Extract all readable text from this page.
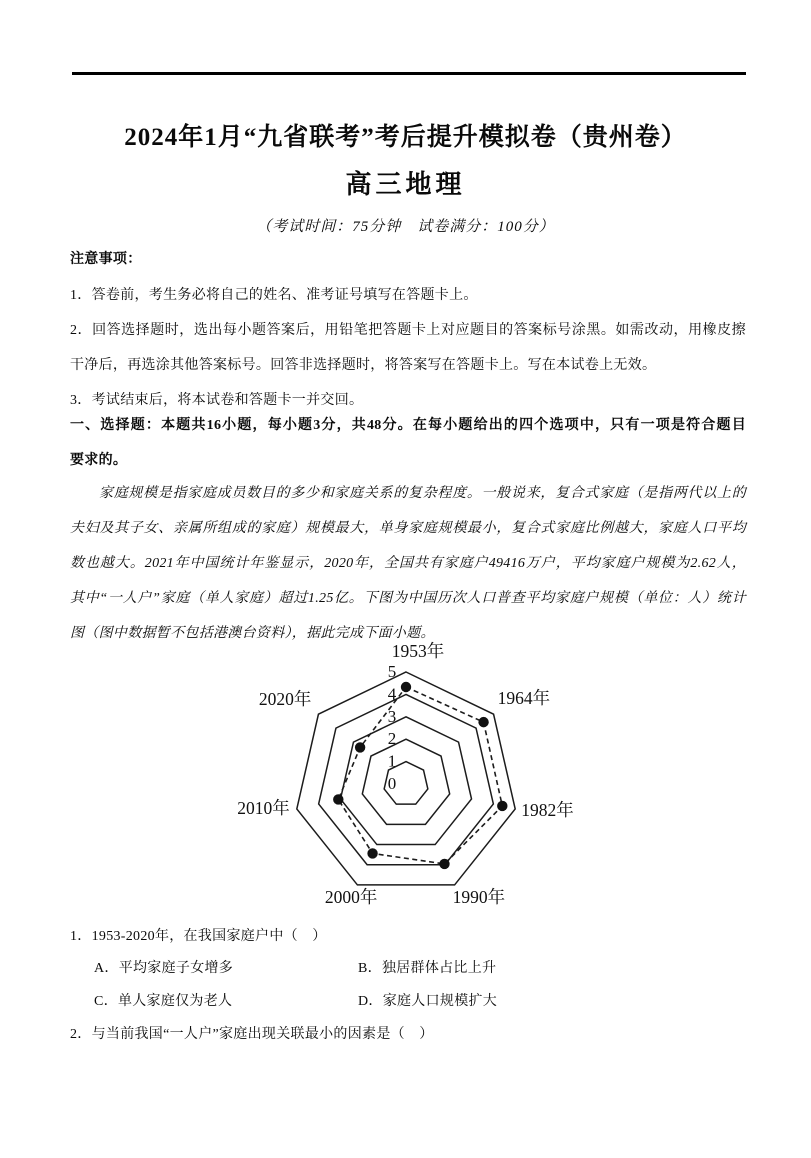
2024年1月“九省联考”考后提升模拟卷（贵州卷）
高三地理
（考试时间：75分钟　试卷满分：100分）
注意事项：
1．答卷前，考生务必将自己的姓名、准考证号填写在答题卡上。
2．回答选择题时，选出每小题答案后，用铅笔把答题卡上对应题目的答案标号涂黑。如需改动，用橡皮擦
干净后，再选涂其他答案标号。回答非选择题时，将答案写在答题卡上。写在本试卷上无效。
3．考试结束后，将本试卷和答题卡一并交回。
一、选择题：本题共16小题，每小题3分，共48分。在每小题给出的四个选项中，只有一项是符合题目
要求的。
家庭规模是指家庭成员数目的多少和家庭关系的复杂程度。一般说来，复合式家庭（是指两代以上的
夫妇及其子女、亲属所组成的家庭）规模最大，单身家庭规模最小，复合式家庭比例越大，家庭人口平均
数也越大。2021年中国统计年鉴显示，2020年，全国共有家庭户49416万户，平均家庭户规模为2.62人，
其中“一人户”家庭（单人家庭）超过1.25亿。下图为中国历次人口普查平均家庭户规模（单位：人）统计
图（图中数据暂不包括港澳台资料），据此完成下面小题。
0
1
2
3
4
5
1953年
1964年
1982年
1990年
2000年
2010年
2020年
1．1953-2020年，在我国家庭户中（　）
A．平均家庭子女增多	B．独居群体占比上升
C．单人家庭仅为老人	D．家庭人口规模扩大
2．与当前我国“一人户”家庭出现关联最小的因素是（　）
